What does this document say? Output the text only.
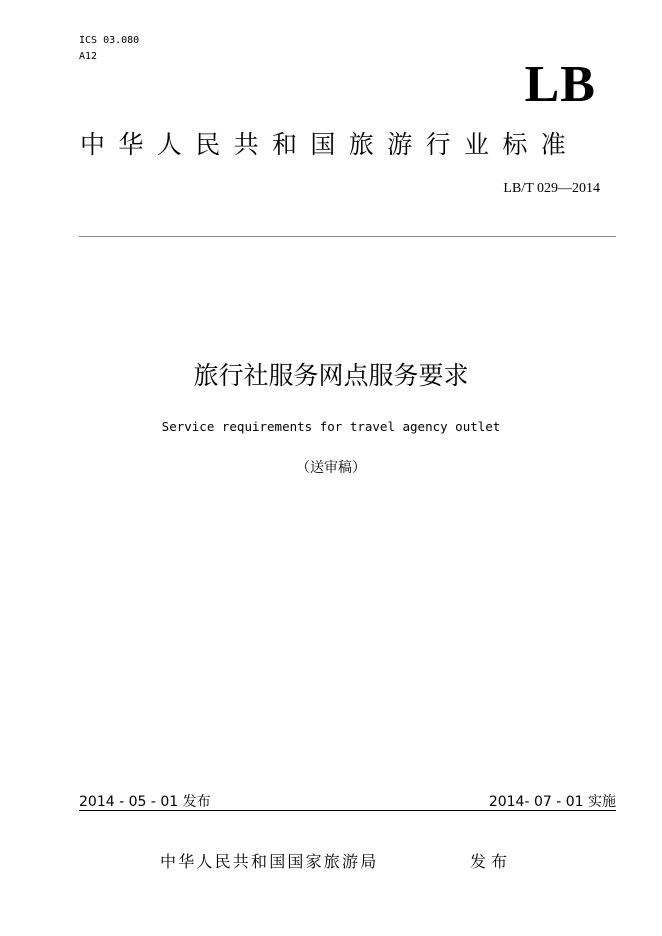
ICS 03.080
A12	LB
中华人民共和国旅游行业标准
LB/T 029—2014
旅行社服务网点服务要求
Service requirements for travel agency outlet
（送审稿）
2014 - 05 - 01 发布	2014- 07 - 01 实施
中华人民共和国国家旅游局	发布
